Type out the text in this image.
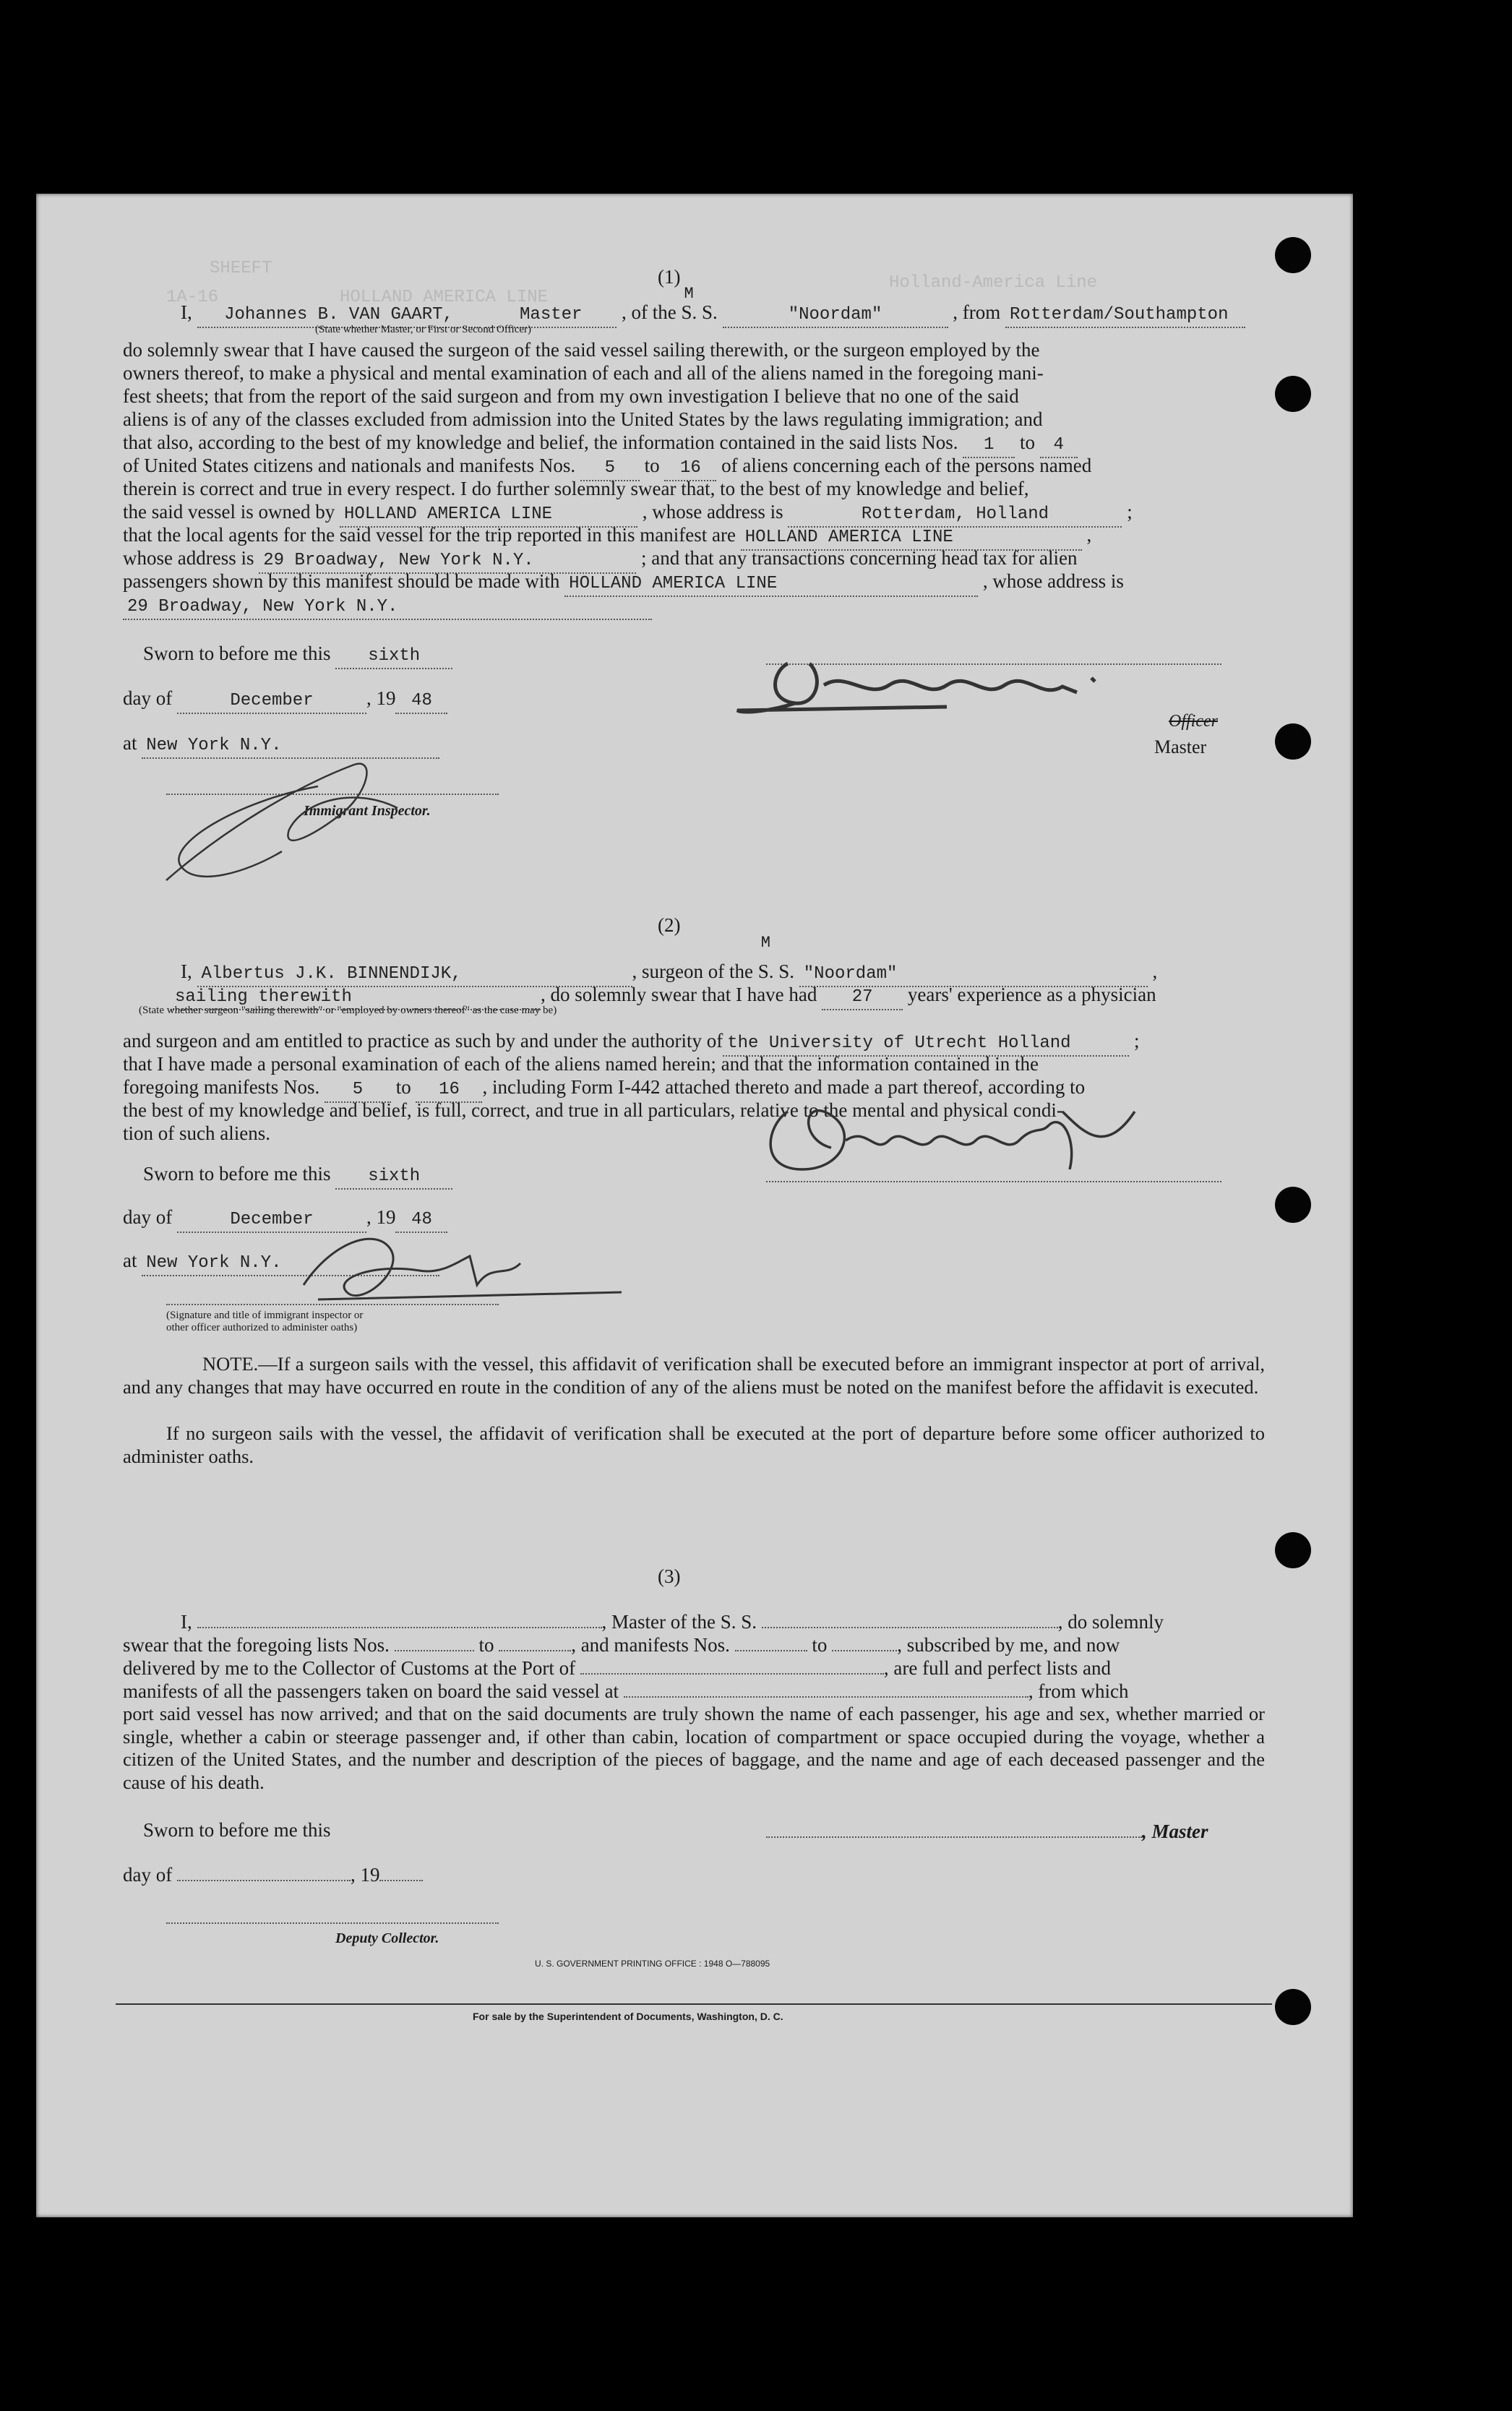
SHEEFT
1A-16	HOLLAND AMERICA LINE
Holland-America Line
(1)
I, Johannes B. VAN GAART,	Master , of the S. S.
M
"Noordam"	, from Rotterdam/Southampton
(State whether Master, or First or Second Officer)
do solemnly swear that I have caused the surgeon of the said vessel sailing therewith, or the surgeon employed by the
owners thereof, to make a physical and mental examination of each and all of the aliens named in the foregoing mani-
fest sheets; that from the report of the said surgeon and from my own investigation I believe that no one of the said
aliens is of any of the classes excluded from admission into the United States by the laws regulating immigration; and
that also, according to the best of my knowledge and belief, the information contained in the said lists Nos. 1 to 4
of United States citizens and nationals and manifests Nos. 5 to 16 of aliens concerning each of the persons named
therein is correct and true in every respect. I do further solemnly swear that, to the best of my knowledge and belief,
the said vessel is owned by HOLLAND AMERICA LINE	, whose address is	Rotterdam, Holland	;
that the local agents for the said vessel for the trip reported in this manifest are HOLLAND AMERICA LINE	,
whose address is 29 Broadway, New York N.Y.	; and that any transactions concerning head tax for alien
passengers shown by this manifest should be made with HOLLAND AMERICA LINE	, whose address is
29 Broadway, New York N.Y.
Sworn to before me this sixth
day of	December	, 19 48
at New York N.Y.
Immigrant Inspector.
Officer
Master
(2)
I, Albertus J.K. BINNENDIJK,	, surgeon of the S. S.
M
"Noordam"	,
sailing therewith	, do solemnly swear that I have had 27 years' experience as a physician
(State whether surgeon "sailing therewith" or "employed by owners thereof" as the case may be)
and surgeon and am entitled to practice as such by and under the authority of the University of Utrecht Holland	;
that I have made a personal examination of each of the aliens named herein; and that the information contained in the
foregoing manifests Nos. 5 to 16 , including Form I-442 attached thereto and made a part thereof, according to
the best of my knowledge and belief, is full, correct, and true in all particulars, relative to the mental and physical condi-
tion of such aliens.
Sworn to before me this sixth
day of	December	, 19 48
at New York N.Y.
(Signature and title of immigrant inspector or other officer authorized to administer oaths)
NOTE.—If a surgeon sails with the vessel, this affidavit of verification shall be executed before an immigrant inspector at port of arrival, and any changes that may have occurred en route in the condition of any of the aliens must be noted on the manifest before the affidavit is executed.
If no surgeon sails with the vessel, the affidavit of verification shall be executed at the port of departure before some officer authorized to administer oaths.
(3)
I,	, Master of the S. S.	, do solemnly
swear that the foregoing lists Nos.	to	, and manifests Nos.	to	, subscribed by me, and now
delivered by me to the Collector of Customs at the Port of	, are full and perfect lists and
manifests of all the passengers taken on board the said vessel at	, from which
port said vessel has now arrived; and that on the said documents are truly shown the name of each passenger, his age and sex, whether married or single, whether a cabin or steerage passenger and, if other than cabin, location of compartment or space occupied during the voyage, whether a citizen of the United States, and the number and description of the pieces of baggage, and the name and age of each deceased passenger and the cause of his death.
Sworn to before me this	, Master
day of	, 19
Deputy Collector.
U. S. GOVERNMENT PRINTING OFFICE : 1948 O—788095
For sale by the Superintendent of Documents, Washington, D. C.
